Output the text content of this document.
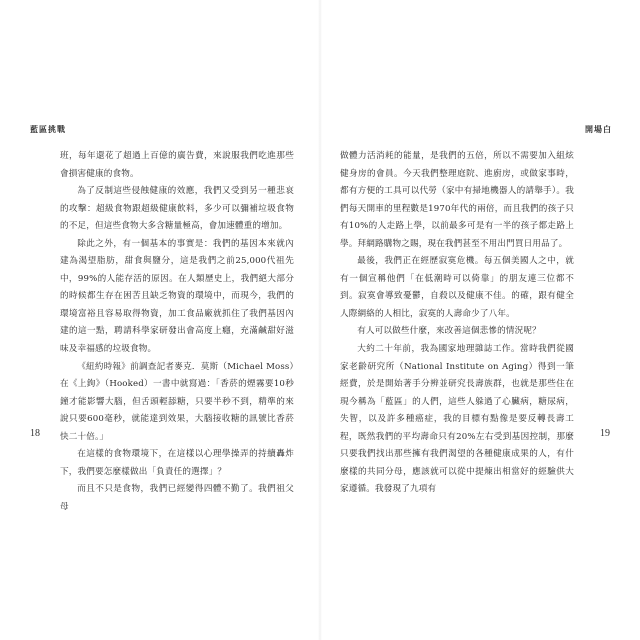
藍區挑戰

班，每年還花了超過上百億的廣告費，來說服我們吃進那些會損害健康的食物。

為了反制這些侵蝕健康的效應，我們又受到另一種悲哀的攻擊：超級食物跟超級健康飲料，多少可以彌補垃圾食物的不足，但這些食物大多含糖量極高，會加速體重的增加。

除此之外，有一個基本的事實是：我們的基因本來就內建為渴望脂肪，甜食與鹽分，這是我們之前25,000代祖先中，99%的人能存活的原因。在人類歷史上，我們絕大部分的時候都生存在困苦且缺乏物資的環境中，而現今，我們的環境富裕且容易取得物資，加工食品廠就抓住了我們基因內建的這一點，聘請科學家研發出會高度上癮，充滿鹹甜好滋味及幸福感的垃圾食物。

《紐約時報》前調查記者麥克．莫斯（Michael Moss）在《上鉤》（Hooked）一書中就寫過：「香菸的煙霧要10秒鐘才能影響大腦，但舌頭輕舔糖，只要半秒不到，精準的來說只要600毫秒，就能達到效果，大腦接收糖的訊號比香菸快二十倍。」

在這樣的食物環境下，在這樣以心理學操弄的持續轟炸下，我們要怎麼樣做出「負責任的選擇」？

而且不只是食物，我們已經變得四體不勤了。我們祖父母

18
開場白

做體力活消耗的能量，是我們的五倍，所以不需要加入組炫健身房的會員。今天我們整理庭院、進廚房，或做家事時，都有方便的工具可以代勞（家中有掃地機器人的請舉手）。我們每天開車的里程數是1970年代的兩倍，而且我們的孩子只有10%的人走路上學，以前最多可是有一半的孩子都走路上學。拜網路購物之賜，現在我們甚至不用出門買日用品了。

最後，我們正在經歷寂寞危機。每五個美國人之中，就有一個宣稱他們「在低潮時可以倚靠」的朋友連三位都不到。寂寞會導致憂鬱，自殺以及健康不佳。的確，跟有健全人際網絡的人相比，寂寞的人壽命少了八年。

有人可以做些什麼，來改善這個悲慘的情況呢？

大約二十年前，我為國家地理雜誌工作。當時我們從國家老齡研究所（National Institute on Aging）得到一筆經費，於是開始著手分辨並研究長壽族群，也就是那些住在現今稱為「藍區」的人們，這些人躲過了心臟病，糖尿病，失智，以及許多種癌症，我的目標有點像是要反轉長壽工程，既然我們的平均壽命只有20%左右受到基因控制，那麼只要我們找出那些擁有我們渴望的各種健康成果的人，有什麼樣的共同分母，應該就可以從中提煉出相當好的經驗供大家遵循。我發現了九項有

19
